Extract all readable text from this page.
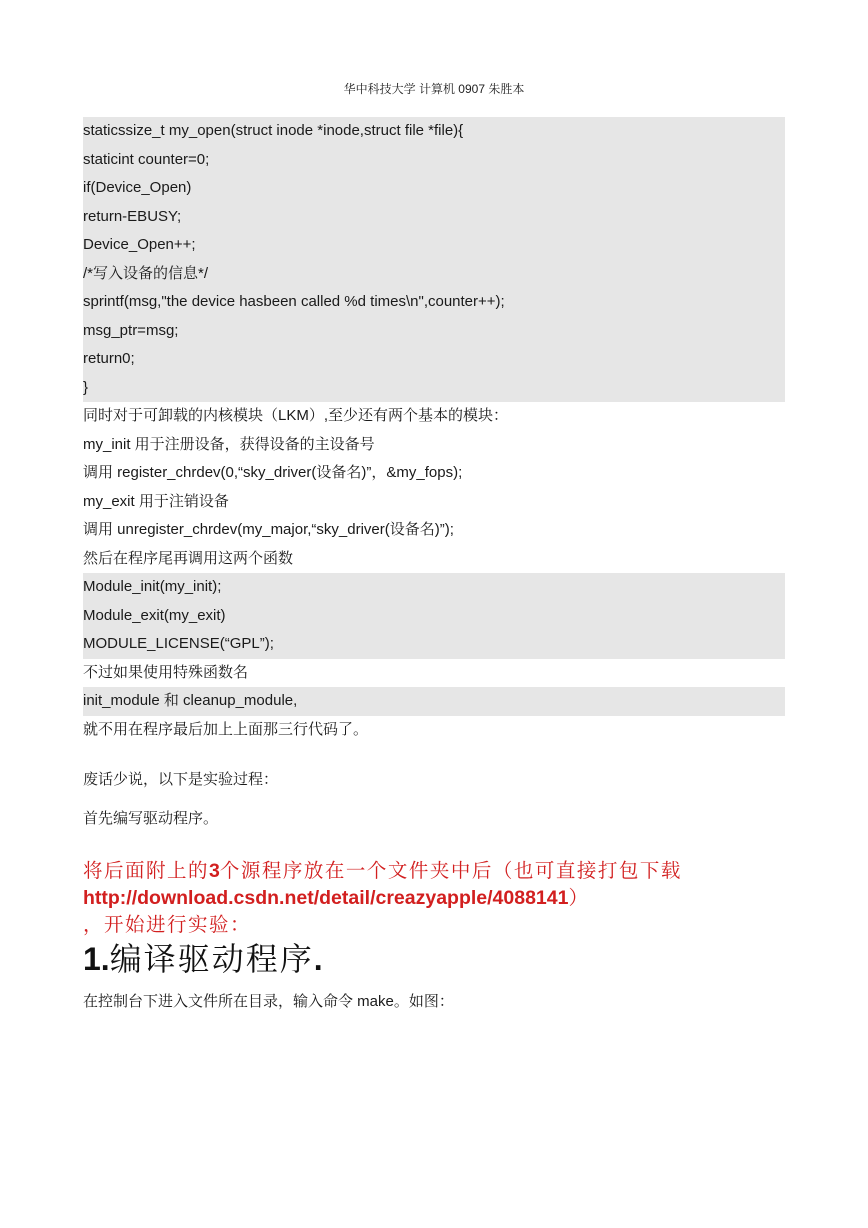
华中科技大学 计算机 0907 朱胜本
staticssize_t my_open(struct inode *inode,struct file *file){
staticint counter=0;
if(Device_Open)
return-EBUSY;
Device_Open++;
/*写入设备的信息*/
sprintf(msg,"the device hasbeen called %d times\n",counter++);
msg_ptr=msg;
return0;
}
同时对于可卸载的内核模块（LKM）,至少还有两个基本的模块：
my_init 用于注册设备，获得设备的主设备号
调用 register_chrdev(0,“sky_driver(设备名)”，&my_fops);
my_exit 用于注销设备
调用 unregister_chrdev(my_major,“sky_driver(设备名)”);
然后在程序尾再调用这两个函数
Module_init(my_init);
Module_exit(my_exit)
MODULE_LICENSE(“GPL”);
不过如果使用特殊函数名
init_module 和 cleanup_module,
就不用在程序最后加上上面那三行代码了。
废话少说，以下是实验过程：
首先编写驱动程序。
将后面附上的3个源程序放在一个文件夹中后（也可直接打包下载
http://download.csdn.net/detail/creazyapple/4088141）
，开始进行实验：
1.编译驱动程序.
在控制台下进入文件所在目录，输入命令 make。如图：
